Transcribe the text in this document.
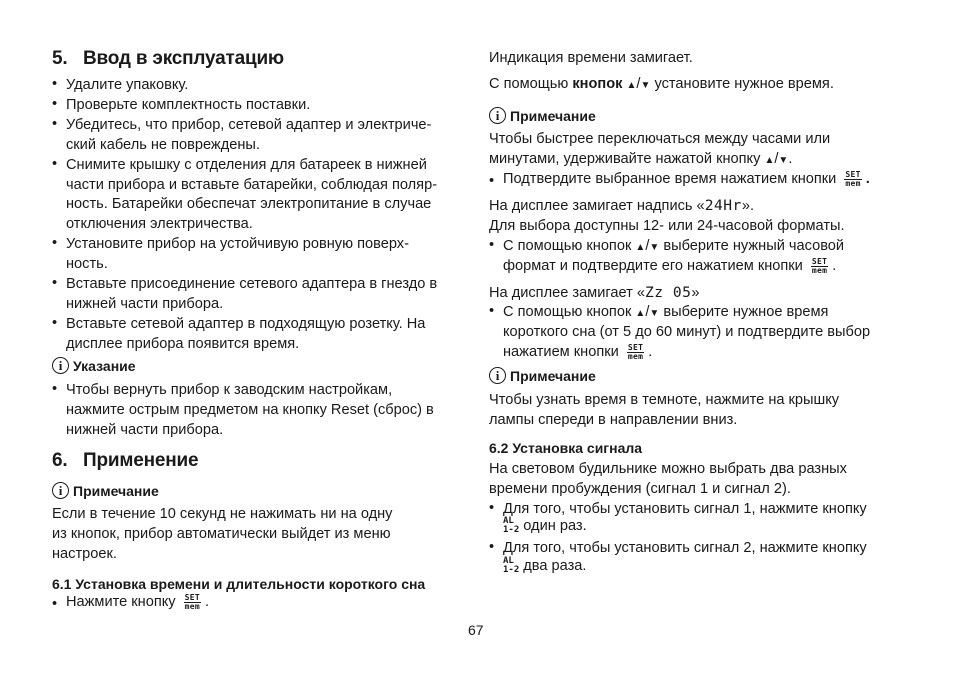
5. Ввод в эксплуатацию
• Удалите упаковку.
• Проверьте комплектность поставки.
• Убедитесь, что прибор, сетевой адаптер и электриче-
ский кабель не повреждены.
• Снимите крышку с отделения для батареек в нижней
части прибора и вставьте батарейки, соблюдая поляр-
ность. Батарейки обеспечат электропитание в случае
отключения электричества.
• Установите прибор на устойчивую ровную поверх-
ность.
• Вставьте присоединение сетевого адаптера в гнездо в
нижней части прибора.
• Вставьте сетевой адаптер в подходящую розетку. На
дисплее прибора появится время.
i Указание
• Чтобы вернуть прибор к заводским настройкам,
нажмите острым предметом на кнопку Reset (сброс) в
нижней части прибора.
6. Применение
i Примечание
Если в течение 10 секунд не нажимать ни на одну
из кнопок, прибор автоматически выйдет из меню
настроек.
6.1 Установка времени и длительности короткого сна
• Нажмите кнопку SET
mem .
Индикация времени замигает.
С помощью кнопок ▲/▼ установите нужное время.
i Примечание
Чтобы быстрее переключаться между часами или
минутами, удерживайте нажатой кнопку ▲/▼.
• Подтвердите выбранное время нажатием кнопки SET
mem .
На дисплее замигает надпись «24Hr».
Для выбора доступны 12- или 24-часовой форматы.
• С помощью кнопок ▲/▼ выберите нужный часовой
формат и подтвердите его нажатием кнопки SET
mem .
На дисплее замигает «Zz 05»
• С помощью кнопок ▲/▼ выберите нужное время
короткого сна (от 5 до 60 минут) и подтвердите выбор
нажатием кнопки SET
mem .
i Примечание
Чтобы узнать время в темноте, нажмите на крышку
лампы спереди в направлении вниз.
6.2 Установка сигнала
На световом будильнике можно выбрать два разных
времени пробуждения (сигнал 1 и сигнал 2).
• Для того, чтобы установить сигнал 1, нажмите кнопку
AL
1-2 один раз.
• Для того, чтобы установить сигнал 2, нажмите кнопку
AL
1-2 два раза.
67
